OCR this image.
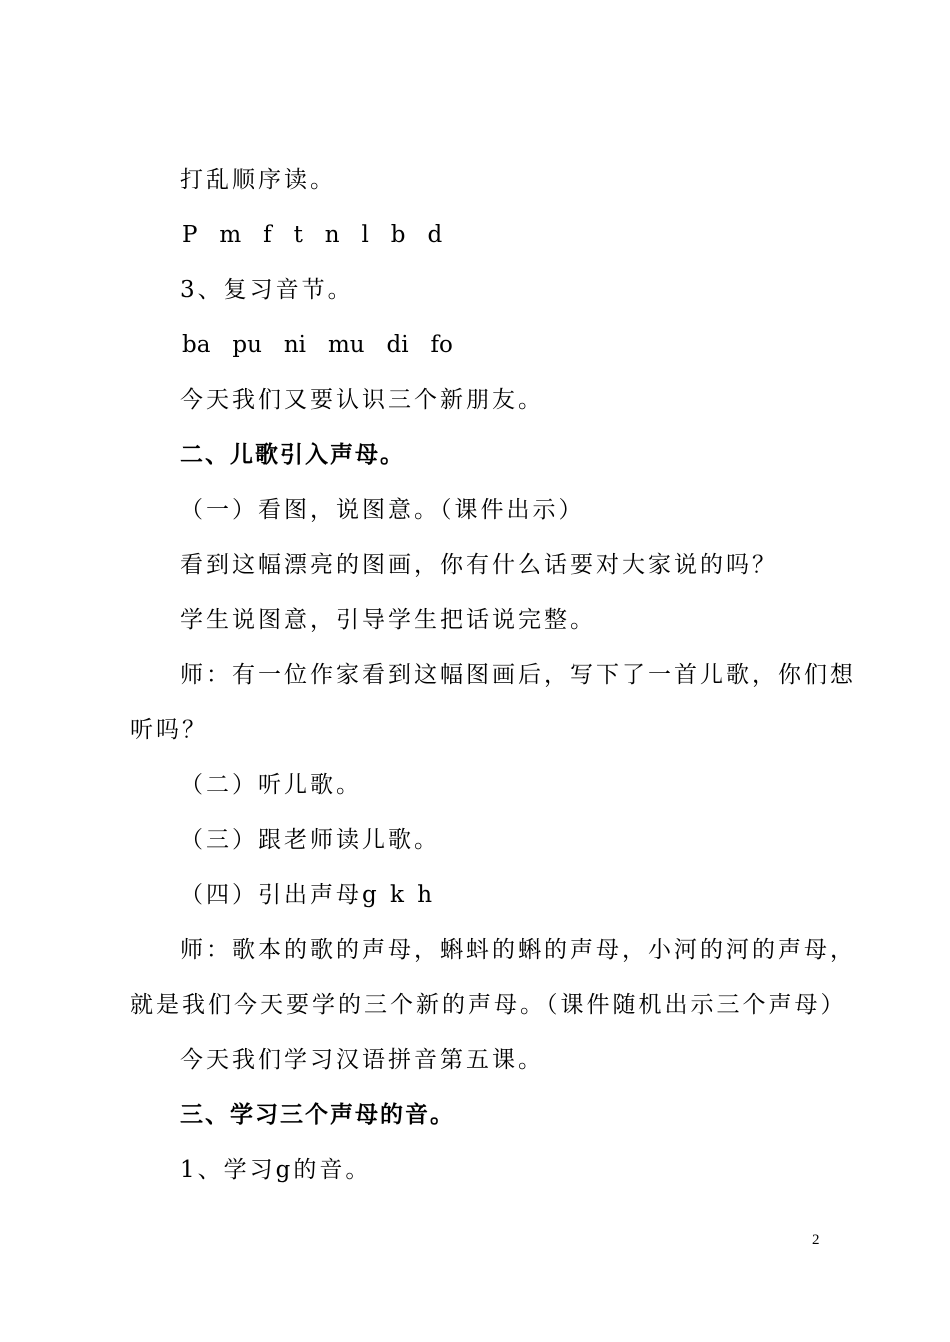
打乱顺序读。
P   m   f   t   n   l   b   d
3、复习音节。
ba   pu   ni   mu   di   fo
今天我们又要认识三个新朋友。
二、儿歌引入声母。
（一）看图，说图意。（课件出示）
看到这幅漂亮的图画，你有什么话要对大家说的吗？
学生说图意，引导学生把话说完整。
师：有一位作家看到这幅图画后，写下了一首儿歌，你们想
听吗？
（二）听儿歌。
（三）跟老师读儿歌。
（四）引出声母g k h
师：歌本的歌的声母，蝌蚪的蝌的声母，小河的河的声母，
就是我们今天要学的三个新的声母。（课件随机出示三个声母）
今天我们学习汉语拼音第五课。
三、学习三个声母的音。
1、学习g的音。
2
